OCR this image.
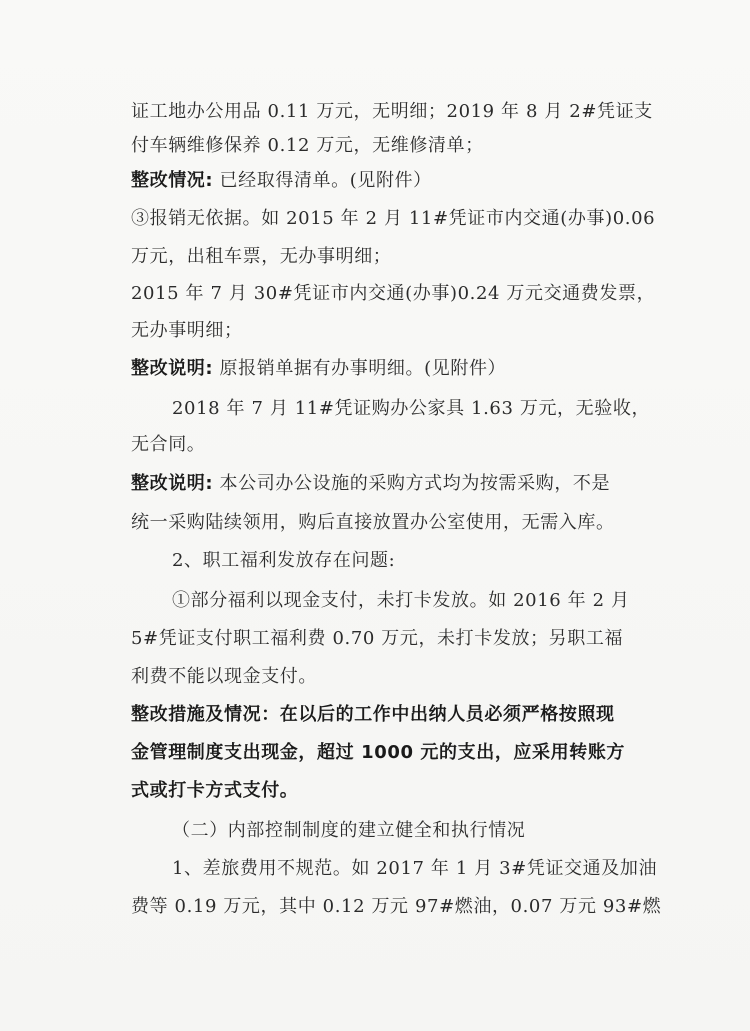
证工地办公用品 0.11 万元，无明细；2019 年 8 月 2#凭证支
付车辆维修保养 0.12 万元，无维修清单；
整改情况: 已经取得清单。(见附件）
③报销无依据。如 2015 年 2 月 11#凭证市内交通(办事)0.06
万元，出租车票，无办事明细；
2015 年 7 月 30#凭证市内交通(办事)0.24 万元交通费发票，
无办事明细；
整改说明: 原报销单据有办事明细。(见附件）
2018 年 7 月 11#凭证购办公家具 1.63 万元，无验收，
无合同。
整改说明: 本公司办公设施的采购方式均为按需采购，不是
统一采购陆续领用，购后直接放置办公室使用，无需入库。
2、职工福利发放存在问题:
①部分福利以现金支付，未打卡发放。如 2016 年 2 月
5#凭证支付职工福利费 0.70 万元，未打卡发放；另职工福
利费不能以现金支付。
整改措施及情况：在以后的工作中出纳人员必须严格按照现
金管理制度支出现金，超过 1000 元的支出，应采用转账方
式或打卡方式支付。
（二）内部控制制度的建立健全和执行情况
1、差旅费用不规范。如 2017 年 1 月 3#凭证交通及加油
费等 0.19 万元，其中 0.12 万元 97#燃油，0.07 万元 93#燃
